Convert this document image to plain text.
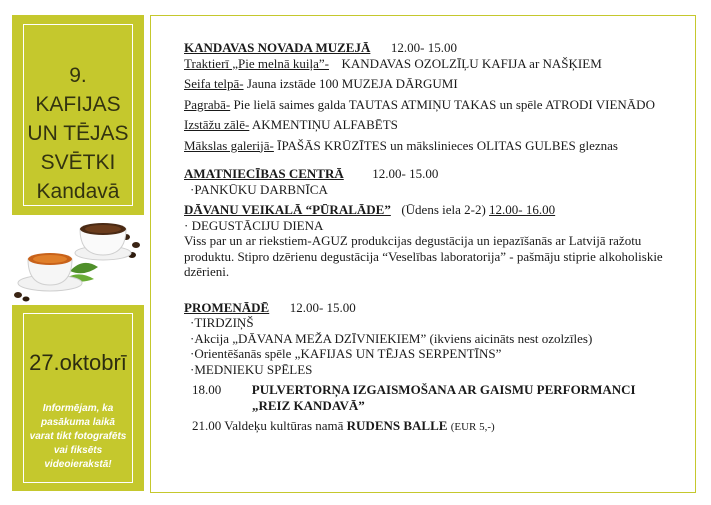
9. KAFIJAS
UN TĒJAS
SVĒTKI
Kandavā
27.oktobrī
Informējam, ka
pasākuma laikā
varat tikt fotografēts
vai fiksēts
videoierakstā!
KANDAVAS NOVADA MUZEJĀ 12.00- 15.00
Traktierī „Pie melnā kuiļa”- KANDAVAS OZOLZĪĻU KAFIJA ar NAŠĶIEM
Seifa telpā- Jauna izstāde 100 MUZEJA DĀRGUMI
Pagrabā- Pie lielā saimes galda TAUTAS ATMIŅU TAKAS un spēle ATRODI VIENĀDO
Izstāžu zālē- AKMENTIŅU ALFABĒTS
Mākslas galerijā- ĪPAŠĀS KRŪZĪTES un mākslinieces OLITAS GULBES gleznas
AMATNIECĪBAS CENTRĀ 12.00- 15.00
·PANKŪKU DARBNĪCA
DĀVANU VEIKALĀ “PŪRALĀDE” (Ūdens iela 2-2) 12.00- 16.00
· DEGUSTĀCIJU DIENA
Viss par un ar riekstiem-AGUZ produkcijas degustācija un iepazīšanās ar Latvijā ražotu produktu. Stipro dzērienu degustācija “Veselības laboratorija” - pašmāju stiprie alkoholiskie dzērieni.
PROMENĀDĒ 12.00- 15.00
·TIRDZIŅŠ
·Akcija „DĀVANA MEŽA DZĪVNIEKIEM” (ikviens aicināts nest ozolzīles)
·Orientēšanās spēle „KAFIJAS UN TĒJAS SERPENTĪNS”
·MEDNIEKU SPĒLES
18.00 PULVERTORŅA IZGAISMOŠANA AR GAISMU PERFORMANCI
„REIZ KANDAVĀ”
21.00 Valdeķu kultūras namā RUDENS BALLE (EUR 5,-)
